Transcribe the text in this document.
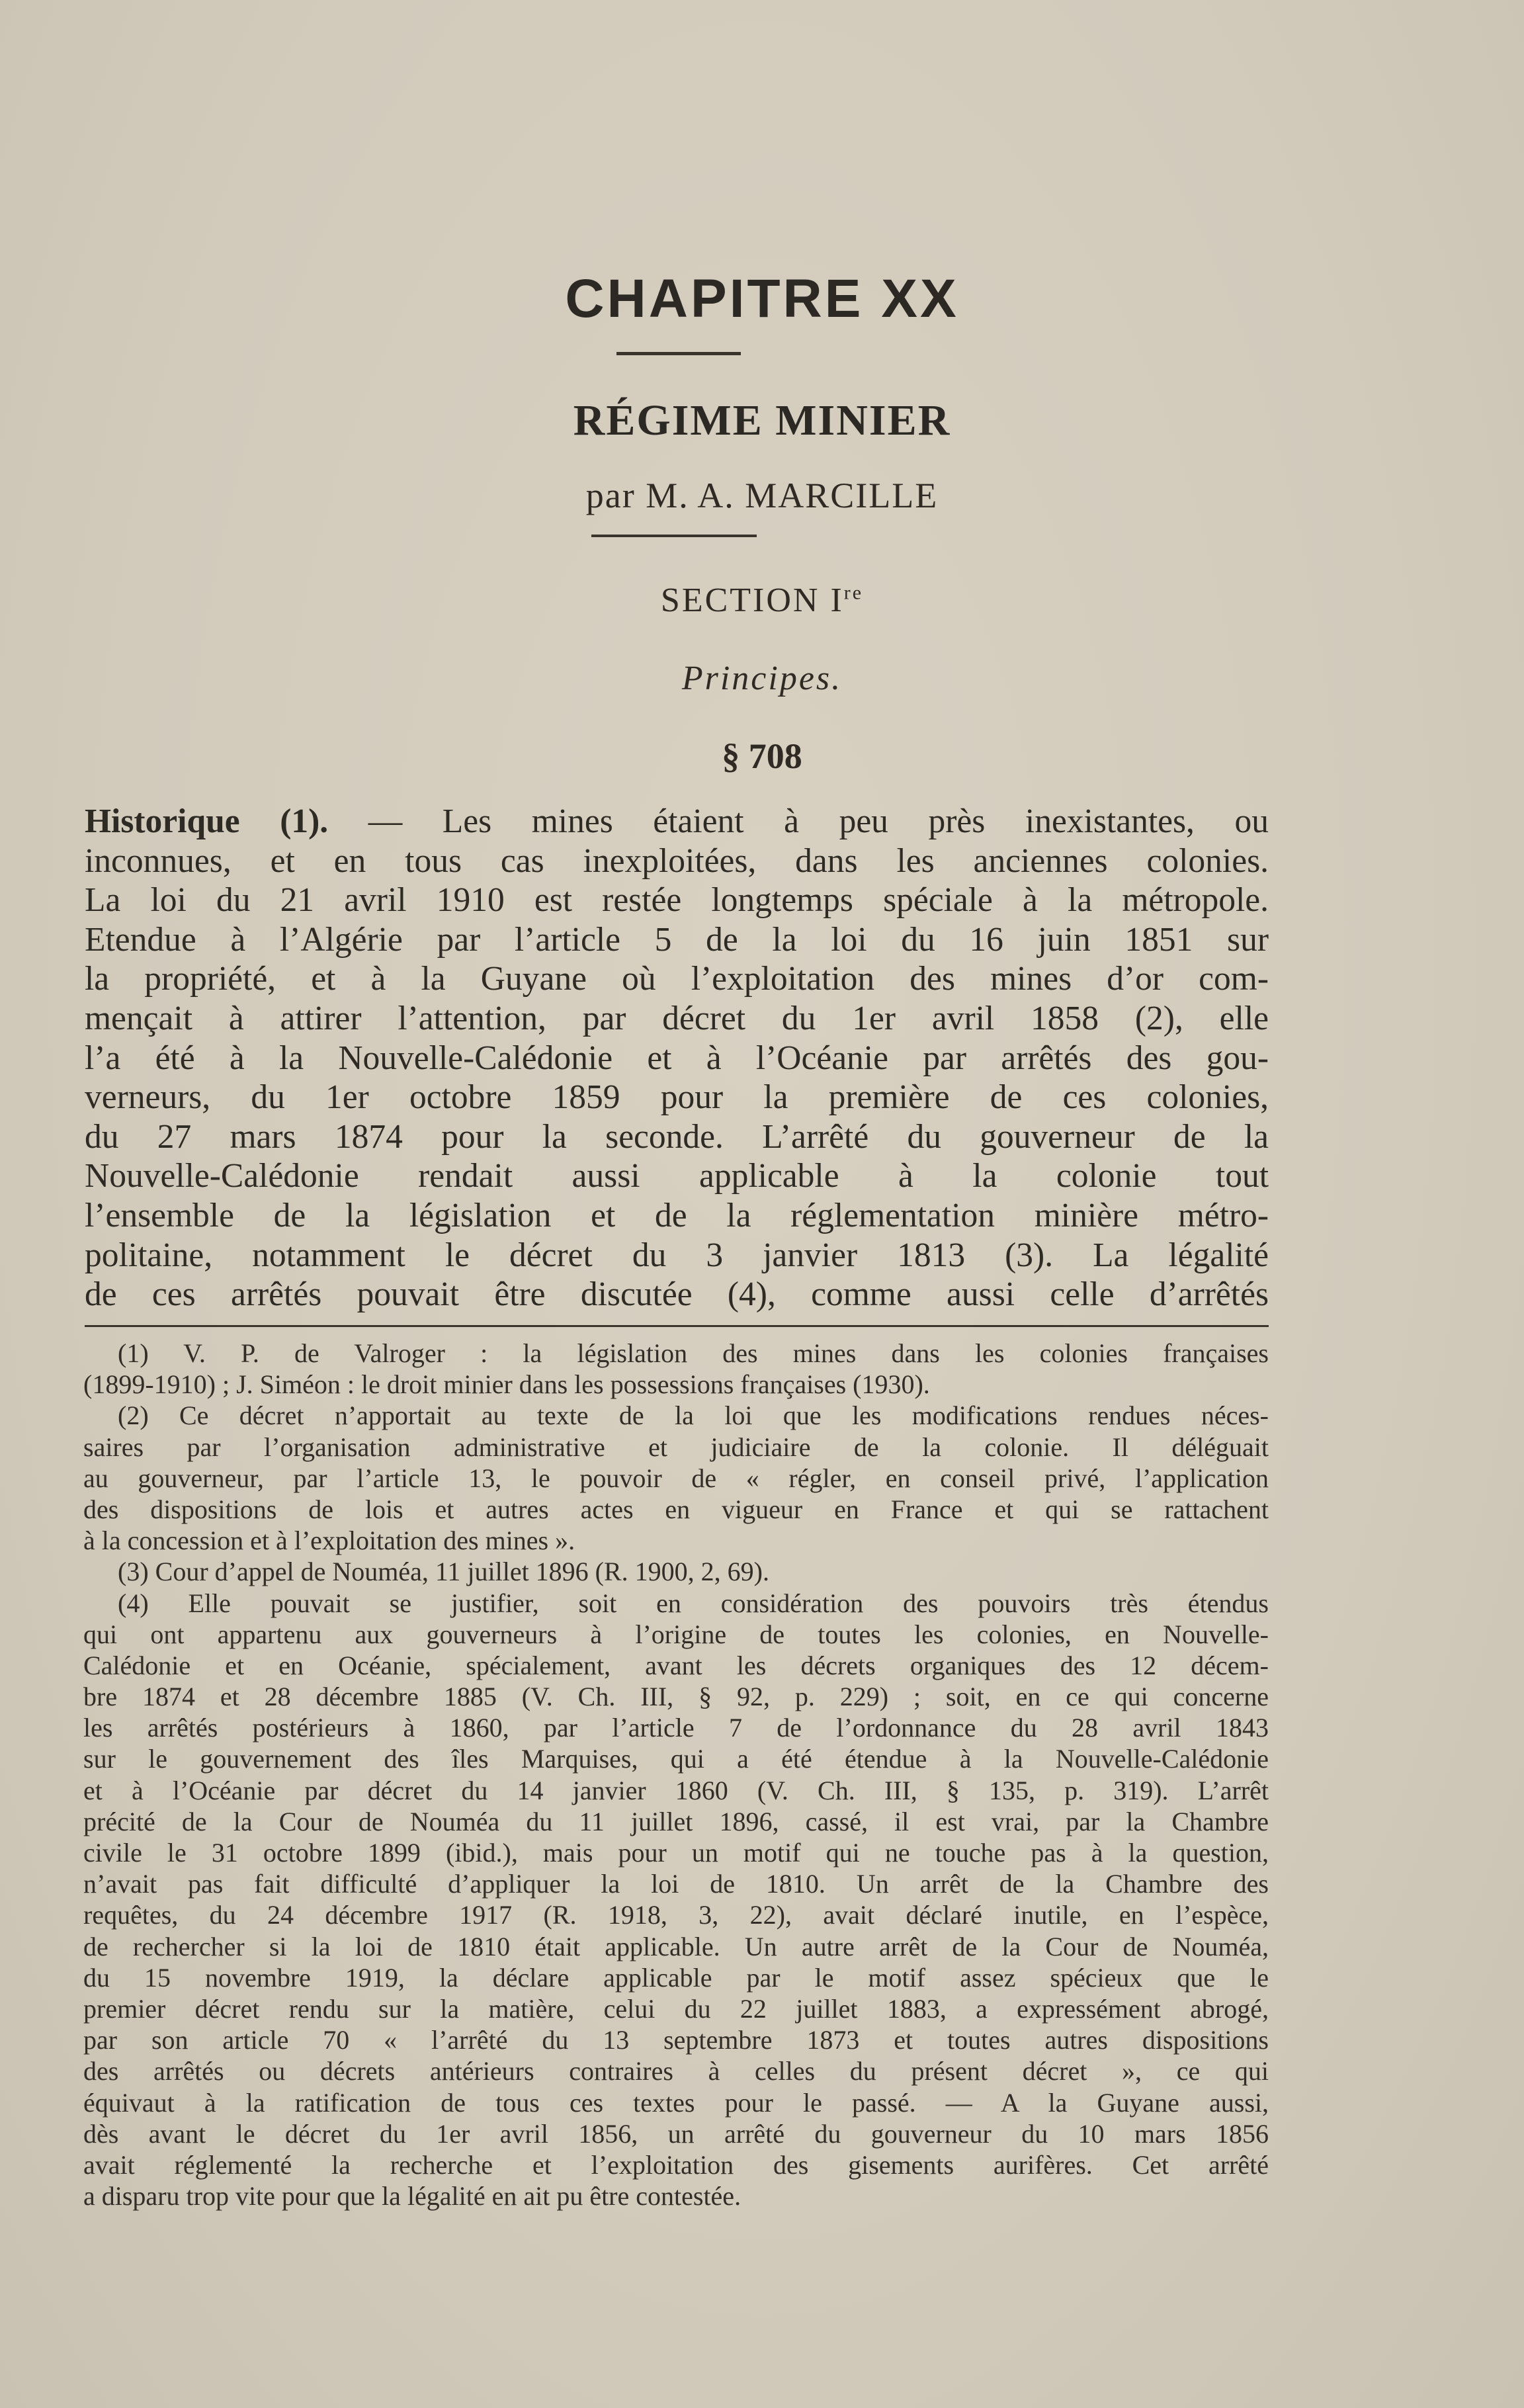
CHAPITRE XX
RÉGIME MINIER
par M. A. MARCILLE
SECTION Ire
Principes.
§ 708
Historique (1). — Les mines étaient à peu près inexistantes, ou
inconnues, et en tous cas inexploitées, dans les anciennes colonies.
La loi du 21 avril 1910 est restée longtemps spéciale à la métropole.
Etendue à l’Algérie par l’article 5 de la loi du 16 juin 1851 sur
la propriété, et à la Guyane où l’exploitation des mines d’or com-
mençait à attirer l’attention, par décret du 1er avril 1858 (2), elle
l’a été à la Nouvelle-Calédonie et à l’Océanie par arrêtés des gou-
verneurs, du 1er octobre 1859 pour la première de ces colonies,
du 27 mars 1874 pour la seconde. L’arrêté du gouverneur de la
Nouvelle-Calédonie rendait aussi applicable à la colonie tout
l’ensemble de la législation et de la réglementation minière métro-
politaine, notamment le décret du 3 janvier 1813 (3). La légalité
de ces arrêtés pouvait être discutée (4), comme aussi celle d’arrêtés
(1) V. P. de Valroger : la législation des mines dans les colonies françaises
(1899-1910) ; J. Siméon : le droit minier dans les possessions françaises (1930).
(2) Ce décret n’apportait au texte de la loi que les modifications rendues néces-
saires par l’organisation administrative et judiciaire de la colonie. Il déléguait
au gouverneur, par l’article 13, le pouvoir de « régler, en conseil privé, l’application
des dispositions de lois et autres actes en vigueur en France et qui se rattachent
à la concession et à l’exploitation des mines ».
(3) Cour d’appel de Nouméa, 11 juillet 1896 (R. 1900, 2, 69).
(4) Elle pouvait se justifier, soit en considération des pouvoirs très étendus
qui ont appartenu aux gouverneurs à l’origine de toutes les colonies, en Nouvelle-
Calédonie et en Océanie, spécialement, avant les décrets organiques des 12 décem-
bre 1874 et 28 décembre 1885 (V. Ch. III, § 92, p. 229) ; soit, en ce qui concerne
les arrêtés postérieurs à 1860, par l’article 7 de l’ordonnance du 28 avril 1843
sur le gouvernement des îles Marquises, qui a été étendue à la Nouvelle-Calédonie
et à l’Océanie par décret du 14 janvier 1860 (V. Ch. III, § 135, p. 319). L’arrêt
précité de la Cour de Nouméa du 11 juillet 1896, cassé, il est vrai, par la Chambre
civile le 31 octobre 1899 (ibid.), mais pour un motif qui ne touche pas à la question,
n’avait pas fait difficulté d’appliquer la loi de 1810. Un arrêt de la Chambre des
requêtes, du 24 décembre 1917 (R. 1918, 3, 22), avait déclaré inutile, en l’espèce,
de rechercher si la loi de 1810 était applicable. Un autre arrêt de la Cour de Nouméa,
du 15 novembre 1919, la déclare applicable par le motif assez spécieux que le
premier décret rendu sur la matière, celui du 22 juillet 1883, a expressément abrogé,
par son article 70 « l’arrêté du 13 septembre 1873 et toutes autres dispositions
des arrêtés ou décrets antérieurs contraires à celles du présent décret », ce qui
équivaut à la ratification de tous ces textes pour le passé. — A la Guyane aussi,
dès avant le décret du 1er avril 1856, un arrêté du gouverneur du 10 mars 1856
avait réglementé la recherche et l’exploitation des gisements aurifères. Cet arrêté
a disparu trop vite pour que la légalité en ait pu être contestée.
